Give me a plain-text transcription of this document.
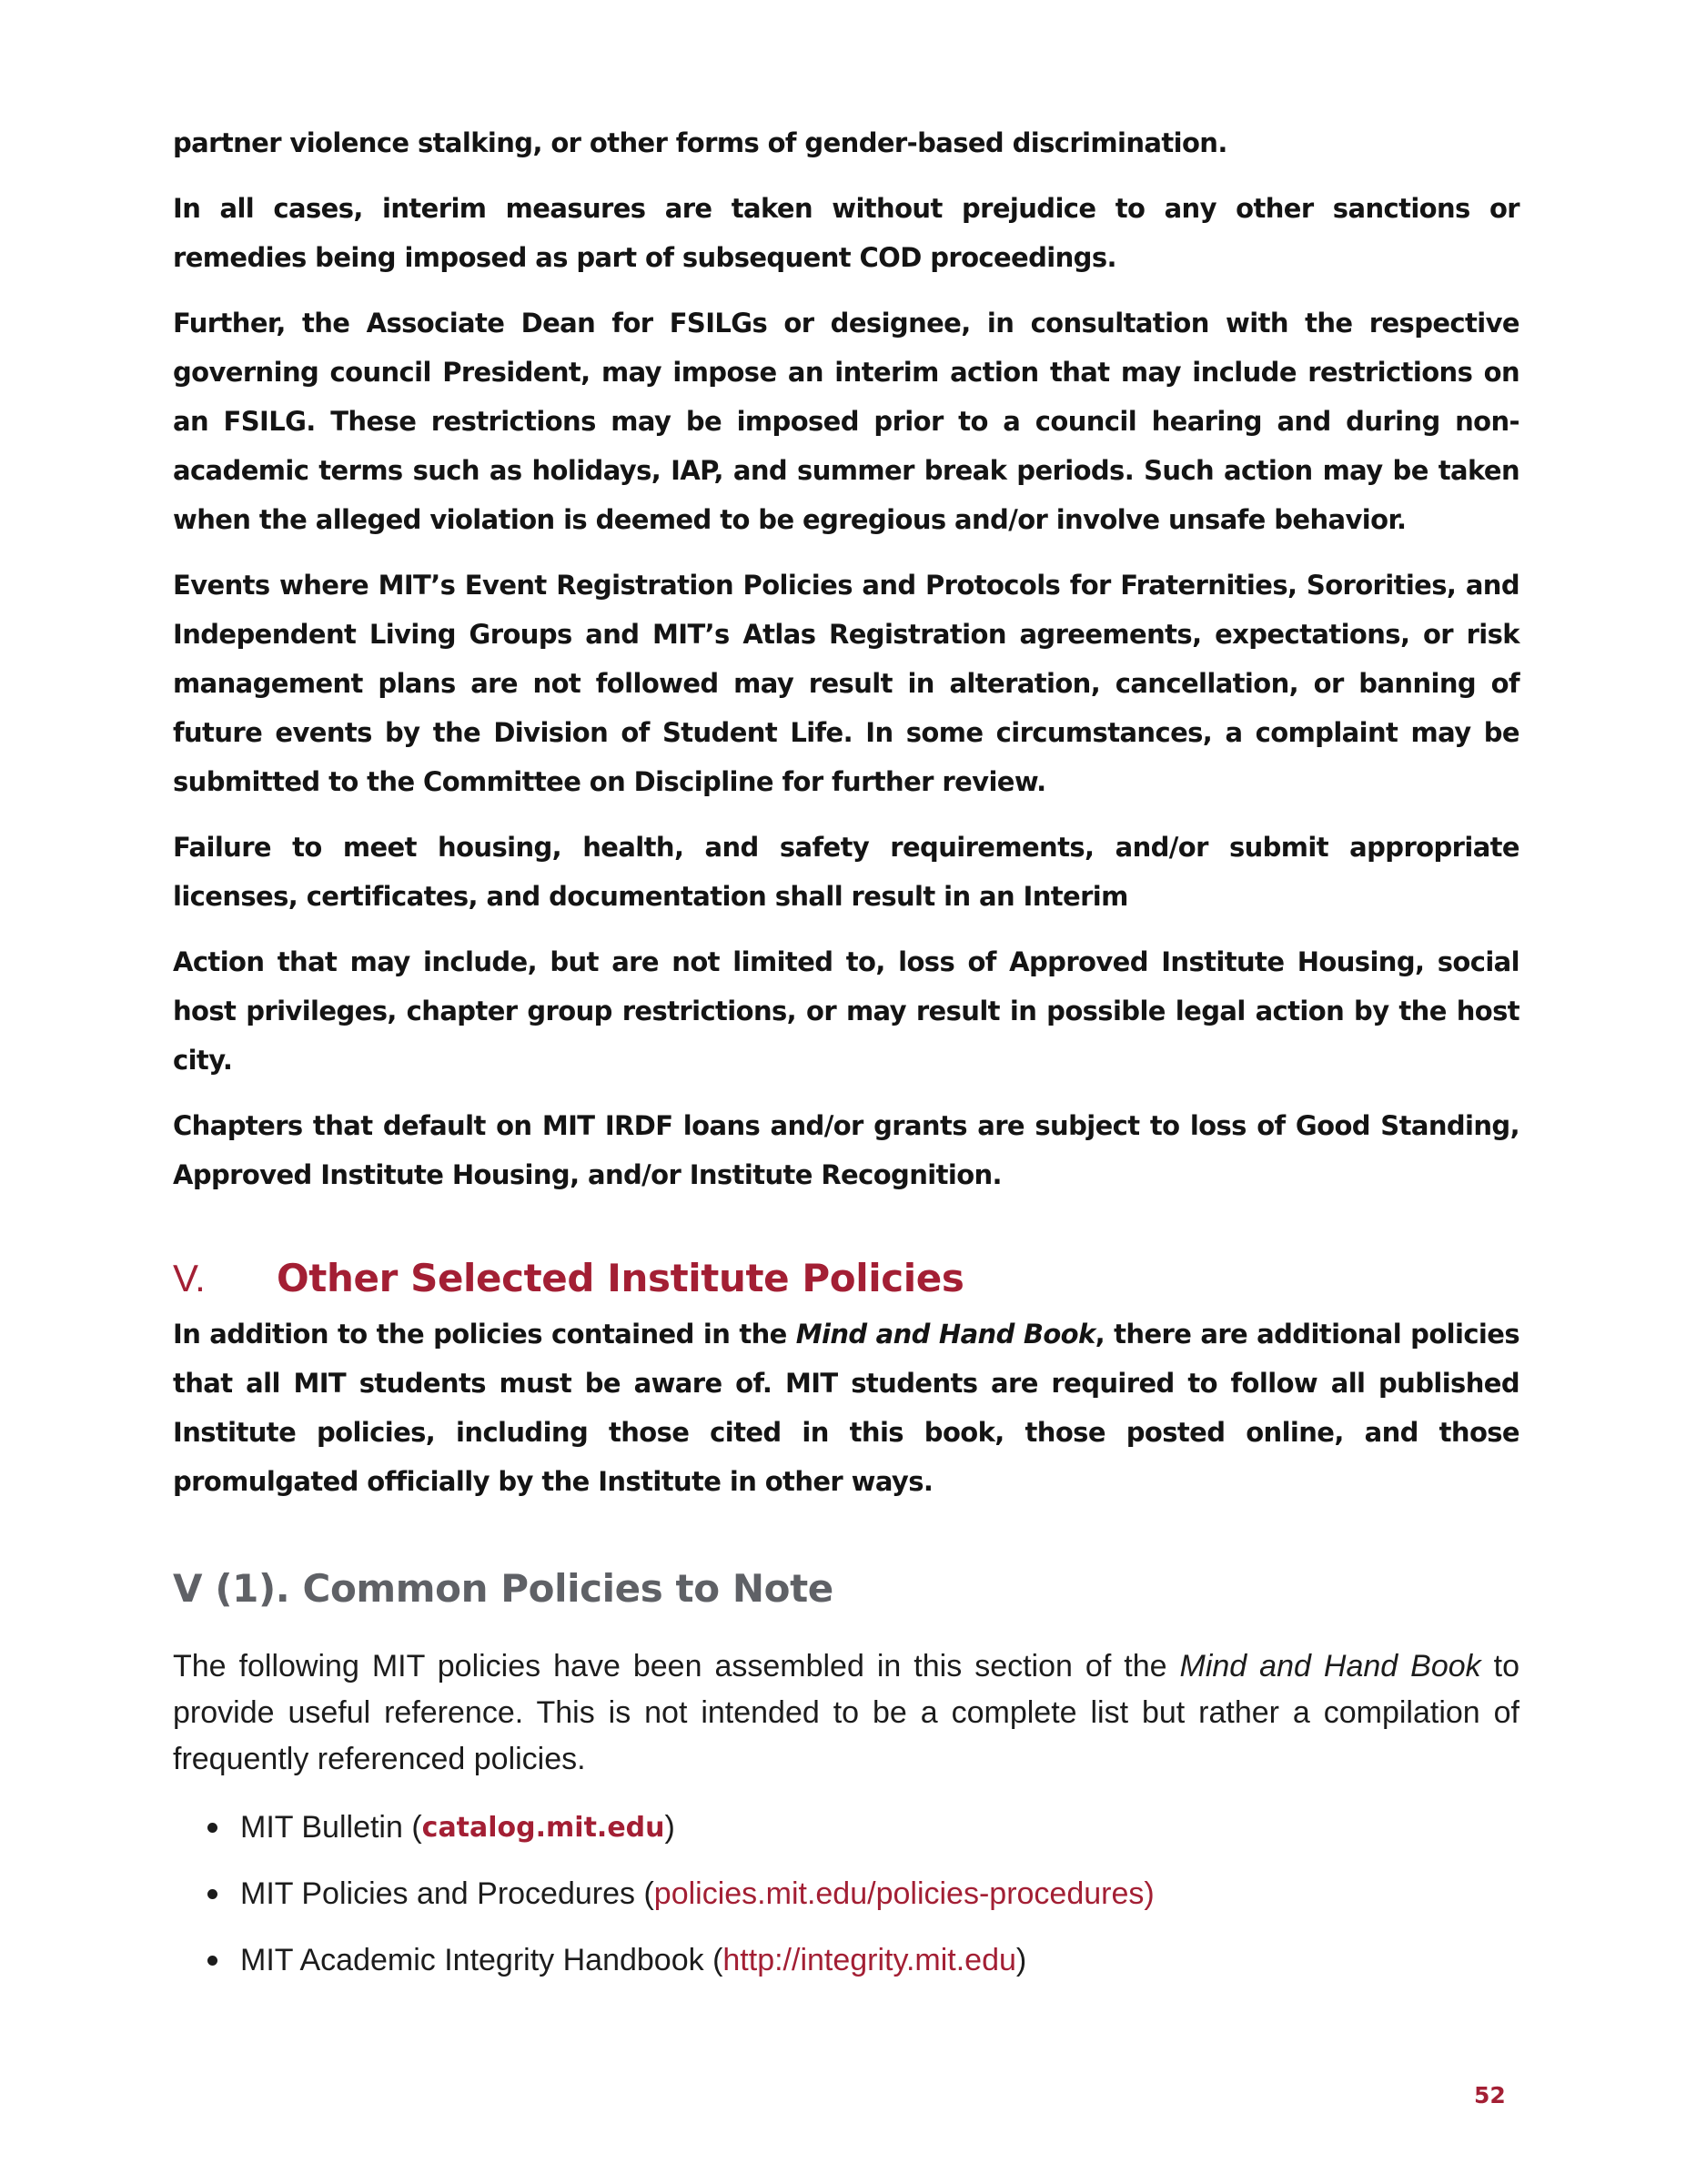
partner violence stalking, or other forms of gender-based discrimination.

In all cases, interim measures are taken without prejudice to any other sanctions or remedies being imposed as part of subsequent COD proceedings.

Further, the Associate Dean for FSILGs or designee, in consultation with the respective governing council President, may impose an interim action that may include restrictions on an FSILG. These restrictions may be imposed prior to a council hearing and during non-academic terms such as holidays, IAP, and summer break periods. Such action may be taken when the alleged violation is deemed to be egregious and/or involve unsafe behavior.

Events where MIT’s Event Registration Policies and Protocols for Fraternities, Sororities, and Independent Living Groups and MIT’s Atlas Registration agreements, expectations, or risk management plans are not followed may result in alteration, cancellation, or banning of future events by the Division of Student Life. In some circumstances, a complaint may be submitted to the Committee on Discipline for further review.

Failure to meet housing, health, and safety requirements, and/or submit appropriate licenses, certificates, and documentation shall result in an Interim

Action that may include, but are not limited to, loss of Approved Institute Housing, social host privileges, chapter group restrictions, or may result in possible legal action by the host city.

Chapters that default on MIT IRDF loans and/or grants are subject to loss of Good Standing, Approved Institute Housing, and/or Institute Recognition.

V.	Other Selected Institute Policies

In addition to the policies contained in the Mind and Hand Book, there are additional policies that all MIT students must be aware of. MIT students are required to follow all published Institute policies, including those cited in this book, those posted online, and those promulgated officially by the Institute in other ways.

V (1). Common Policies to Note

The following MIT policies have been assembled in this section of the Mind and Hand Book to provide useful reference. This is not intended to be a complete list but rather a compilation of frequently referenced policies.

MIT Bulletin ( catalog.mit.edu )
MIT Policies and Procedures ( policies.mit.edu/policies-procedures)
MIT Academic Integrity Handbook ( http://integrity.mit.edu )
52
